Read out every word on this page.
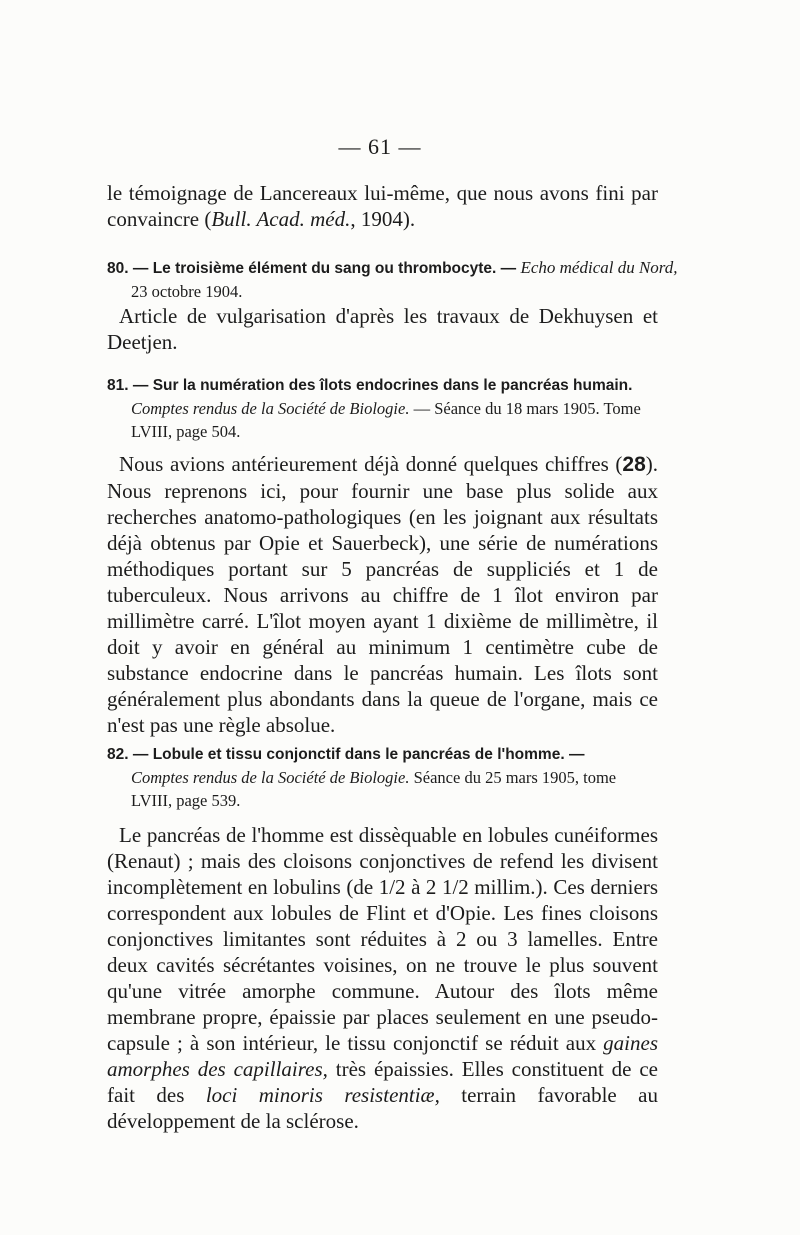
— 61 —

le témoignage de Lancereaux lui-même, que nous avons fini par convaincre (Bull. Acad. méd., 1904).

80. — Le troisième élément du sang ou thrombocyte. — Echo médical du Nord,
23 octobre 1904.

Article de vulgarisation d'après les travaux de Dekhuysen et Deetjen.

81. — Sur la numération des îlots endocrines dans le pancréas humain.
Comptes rendus de la Société de Biologie. — Séance du 18 mars 1905. Tome LVIII, page 504.

Nous avions antérieurement déjà donné quelques chiffres (28). Nous reprenons ici, pour fournir une base plus solide aux recherches anatomo-pathologiques (en les joignant aux résultats déjà obtenus par Opie et Sauerbeck), une série de numérations méthodiques portant sur 5 pancréas de suppliciés et 1 de tuberculeux. Nous arrivons au chiffre de 1 îlot environ par millimètre carré. L'îlot moyen ayant 1 dixième de millimètre, il doit y avoir en général au minimum 1 centimètre cube de substance endocrine dans le pancréas humain. Les îlots sont généralement plus abondants dans la queue de l'organe, mais ce n'est pas une règle absolue.

82. — Lobule et tissu conjonctif dans le pancréas de l'homme. —
Comptes rendus de la Société de Biologie. Séance du 25 mars 1905, tome LVIII, page 539.

Le pancréas de l'homme est dissèquable en lobules cunéiformes (Renaut) ; mais des cloisons conjonctives de refend les divisent incomplètement en lobulins (de 1/2 à 2 1/2 millim.). Ces derniers correspondent aux lobules de Flint et d'Opie. Les fines cloisons conjonctives limitantes sont réduites à 2 ou 3 lamelles. Entre deux cavités sécrétantes voisines, on ne trouve le plus souvent qu'une vitrée amorphe commune. Autour des îlots même membrane propre, épaissie par places seulement en une pseudo-capsule ; à son intérieur, le tissu conjonctif se réduit aux gaines amorphes des capillaires, très épaissies. Elles constituent de ce fait des loci minoris resistentiæ, terrain favorable au développement de la sclérose.
